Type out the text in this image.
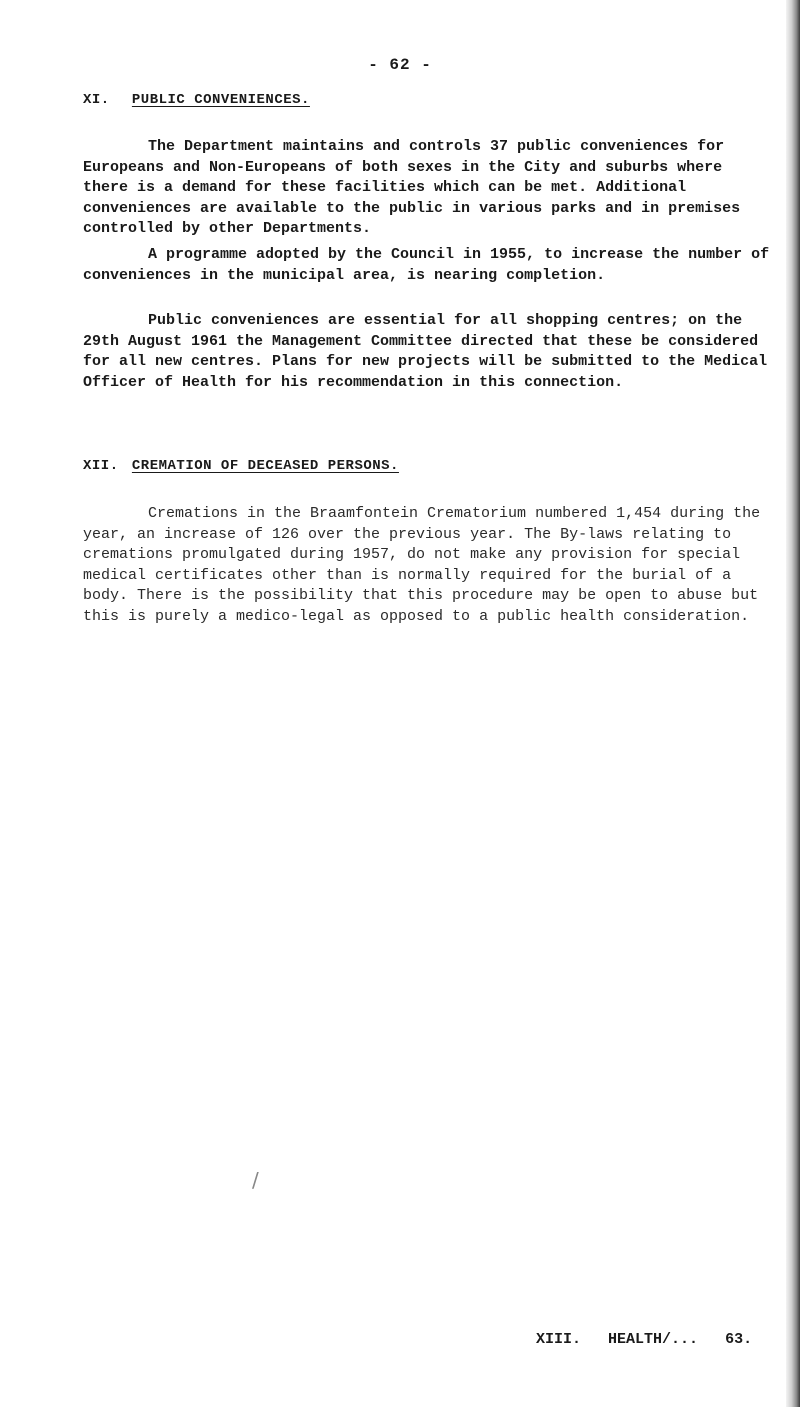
- 62 -
XI. PUBLIC CONVENIENCES.

The Department maintains and controls 37 public conveniences for Europeans and Non-Europeans of both sexes in the City and suburbs where there is a demand for these facilities which can be met. Additional conveniences are available to the public in various parks and in premises controlled by other Departments.

A programme adopted by the Council in 1955, to increase the number of conveniences in the municipal area, is nearing completion.

Public conveniences are essential for all shopping centres; on the 29th August 1961 the Management Committee directed that these be considered for all new centres. Plans for new projects will be submitted to the Medical Officer of Health for his recommendation in this connection.

XII. CREMATION OF DECEASED PERSONS.

Cremations in the Braamfontein Crematorium numbered 1,454 during the year, an increase of 126 over the previous year. The By-laws relating to cremations promulgated during 1957, do not make any provision for special medical certificates other than is normally required for the burial of a body. There is the possibility that this procedure may be open to abuse but this is purely a medico-legal as opposed to a public health consideration.

/
XIII. HEALTH/... 63.
